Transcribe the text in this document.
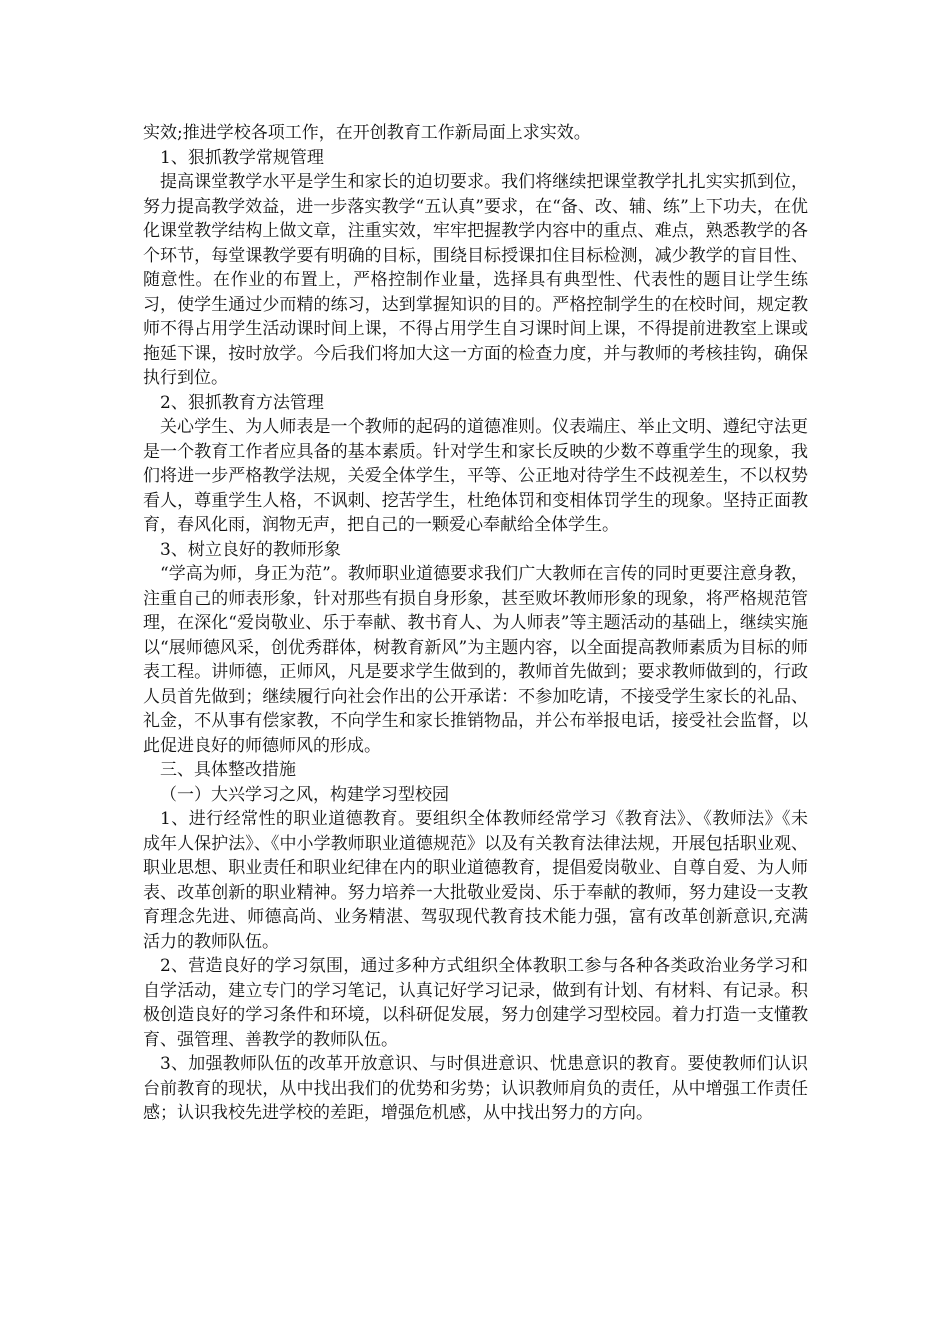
实效;推进学校各项工作，在开创教育工作新局面上求实效。

1、狠抓教学常规管理

提高课堂教学水平是学生和家长的迫切要求。我们将继续把课堂教学扎扎实实抓到位，努力提高教学效益，进一步落实教学“五认真”要求，在“备、改、辅、练”上下功夫，在优化课堂教学结构上做文章，注重实效，牢牢把握教学内容中的重点、难点，熟悉教学的各个环节，每堂课教学要有明确的目标，围绕目标授课扣住目标检测，减少教学的盲目性、随意性。在作业的布置上，严格控制作业量，选择具有典型性、代表性的题目让学生练习，使学生通过少而精的练习，达到掌握知识的目的。严格控制学生的在校时间，规定教师不得占用学生活动课时间上课，不得占用学生自习课时间上课，不得提前进教室上课或拖延下课，按时放学。今后我们将加大这一方面的检查力度，并与教师的考核挂钩，确保执行到位。

2、狠抓教育方法管理

关心学生、为人师表是一个教师的起码的道德准则。仪表端庄、举止文明、遵纪守法更是一个教育工作者应具备的基本素质。针对学生和家长反映的少数不尊重学生的现象，我们将进一步严格教学法规，关爱全体学生，平等、公正地对待学生不歧视差生，不以权势看人，尊重学生人格，不讽刺、挖苦学生，杜绝体罚和变相体罚学生的现象。坚持正面教育，春风化雨，润物无声，把自己的一颗爱心奉献给全体学生。

3、树立良好的教师形象

“学高为师，身正为范”。教师职业道德要求我们广大教师在言传的同时更要注意身教，注重自己的师表形象，针对那些有损自身形象，甚至败坏教师形象的现象，将严格规范管理，在深化“爱岗敬业、乐于奉献、教书育人、为人师表”等主题活动的基础上，继续实施以“展师德风采，创优秀群体，树教育新风”为主题内容，以全面提高教师素质为目标的师表工程。讲师德，正师风，凡是要求学生做到的，教师首先做到；要求教师做到的，行政人员首先做到；继续履行向社会作出的公开承诺：不参加吃请，不接受学生家长的礼品、礼金，不从事有偿家教，不向学生和家长推销物品，并公布举报电话，接受社会监督，以此促进良好的师德师风的形成。

三、具体整改措施

（一）大兴学习之风，构建学习型校园

1、进行经常性的职业道德教育。要组织全体教师经常学习《教育法》、《教师法》《未成年人保护法》、《中小学教师职业道德规范》以及有关教育法律法规，开展包括职业观、职业思想、职业责任和职业纪律在内的职业道德教育，提倡爱岗敬业、自尊自爱、为人师表、改革创新的职业精神。努力培养一大批敬业爱岗、乐于奉献的教师，努力建设一支教育理念先进、师德高尚、业务精湛、驾驭现代教育技术能力强，富有改革创新意识,充满活力的教师队伍。

2、营造良好的学习氛围，通过多种方式组织全体教职工参与各种各类政治业务学习和自学活动，建立专门的学习笔记，认真记好学习记录，做到有计划、有材料、有记录。积极创造良好的学习条件和环境，以科研促发展，努力创建学习型校园。着力打造一支懂教育、强管理、善教学的教师队伍。

3、加强教师队伍的改革开放意识、与时俱进意识、忧患意识的教育。要使教师们认识台前教育的现状，从中找出我们的优势和劣势；认识教师肩负的责任，从中增强工作责任感；认识我校先进学校的差距，增强危机感，从中找出努力的方向。
